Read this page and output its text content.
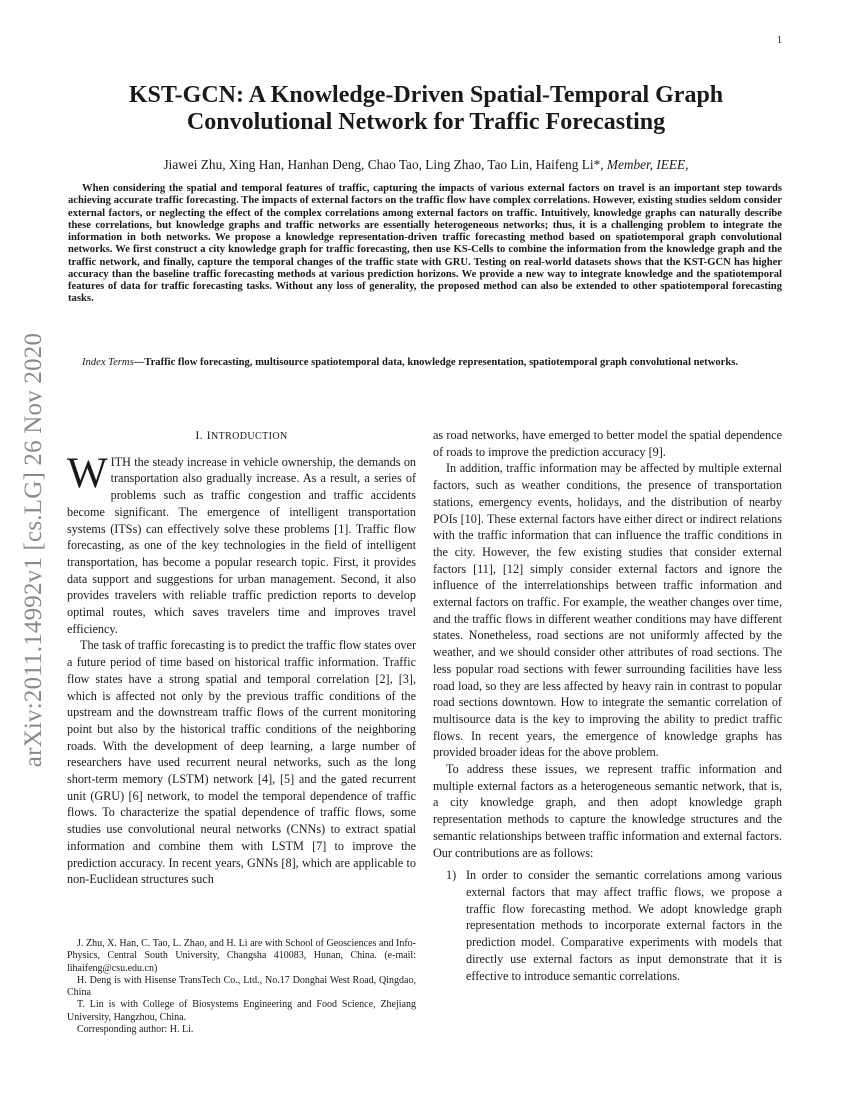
1
arXiv:2011.14992v1 [cs.LG] 26 Nov 2020
KST-GCN: A Knowledge-Driven Spatial-Temporal Graph
Convolutional Network for Traffic Forecasting
Jiawei Zhu, Xing Han, Hanhan Deng, Chao Tao, Ling Zhao, Tao Lin, Haifeng Li*, Member, IEEE,

When considering the spatial and temporal features of traffic, capturing the impacts of various external factors on travel is an important step towards achieving accurate traffic forecasting. The impacts of external factors on the traffic flow have complex correlations. However, existing studies seldom consider external factors, or neglecting the effect of the complex correlations among external factors on traffic. Intuitively, knowledge graphs can naturally describe these correlations, but knowledge graphs and traffic networks are essentially heterogeneous networks; thus, it is a challenging problem to integrate the information in both networks. We propose a knowledge representation-driven traffic forecasting method based on spatiotemporal graph convolutional networks. We first construct a city knowledge graph for traffic forecasting, then use KS-Cells to combine the information from the knowledge graph and the traffic network, and finally, capture the temporal changes of the traffic state with GRU. Testing on real-world datasets shows that the KST-GCN has higher accuracy than the baseline traffic forecasting methods at various prediction horizons. We provide a new way to integrate knowledge and the spatiotemporal features of data for traffic forecasting tasks. Without any loss of generality, the proposed method can also be extended to other spatiotemporal forecasting tasks.

Index Terms—Traffic flow forecasting, multisource spatiotemporal data, knowledge representation, spatiotemporal graph convolutional networks.

I. INTRODUCTION

WITH the steady increase in vehicle ownership, the demands on transportation also gradually increase. As a result, a series of problems such as traffic congestion and traffic accidents become significant. The emergence of intelligent transportation systems (ITSs) can effectively solve these problems [1]. Traffic flow forecasting, as one of the key technologies in the field of intelligent transportation, has become a popular research topic. First, it provides data support and suggestions for urban management. Second, it also provides travelers with reliable traffic prediction reports to develop optimal routes, which saves travelers time and improves travel efficiency.

The task of traffic forecasting is to predict the traffic flow states over a future period of time based on historical traffic information. Traffic flow states have a strong spatial and temporal correlation [2], [3], which is affected not only by the previous traffic conditions of the upstream and the downstream traffic flows of the current monitoring point but also by the historical traffic conditions of the neighboring roads. With the development of deep learning, a large number of researchers have used recurrent neural networks, such as the long short-term memory (LSTM) network [4], [5] and the gated recurrent unit (GRU) [6] network, to model the temporal dependence of traffic flows. To characterize the spatial dependence of traffic flows, some studies use convolutional neural networks (CNNs) to extract spatial information and combine them with LSTM [7] to improve the prediction accuracy. In recent years, GNNs [8], which are applicable to non-Euclidean structures such

J. Zhu, X. Han, C. Tao, L. Zhao, and H. Li are with School of Geosciences and Info-Physics, Central South University, Changsha 410083, Hunan, China. (e-mail: lihaifeng@csu.edu.cn)

H. Deng is with Hisense TransTech Co., Ltd., No.17 Donghai West Road, Qingdao, China

T. Lin is with College of Biosystems Engineering and Food Science, Zhejiang University, Hangzhou, China.

Corresponding author: H. Li.

as road networks, have emerged to better model the spatial dependence of roads to improve the prediction accuracy [9].

In addition, traffic information may be affected by multiple external factors, such as weather conditions, the presence of transportation stations, emergency events, holidays, and the distribution of nearby POIs [10]. These external factors have either direct or indirect relations with the traffic information that can influence the traffic conditions in the city. However, the few existing studies that consider external factors [11], [12] simply consider external factors and ignore the influence of the interrelationships between traffic information and external factors on traffic. For example, the weather changes over time, and the traffic flows in different weather conditions may have different states. Nonetheless, road sections are not uniformly affected by the weather, and we should consider other attributes of road sections. The less popular road sections with fewer surrounding facilities have less road load, so they are less affected by heavy rain in contrast to popular road sections downtown. How to integrate the semantic correlation of multisource data is the key to improving the ability to predict traffic flows. In recent years, the emergence of knowledge graphs has provided broader ideas for the above problem.

To address these issues, we represent traffic information and multiple external factors as a heterogeneous semantic network, that is, a city knowledge graph, and then adopt knowledge graph representation methods to capture the knowledge structures and the semantic relationships between traffic information and external factors. Our contributions are as follows:

1) In order to consider the semantic correlations among various external factors that may affect traffic flows, we propose a traffic flow forecasting method. We adopt knowledge graph representation methods to incorporate external factors in the prediction model. Comparative experiments with models that directly use external factors as input demonstrate that it is effective to introduce semantic correlations.
